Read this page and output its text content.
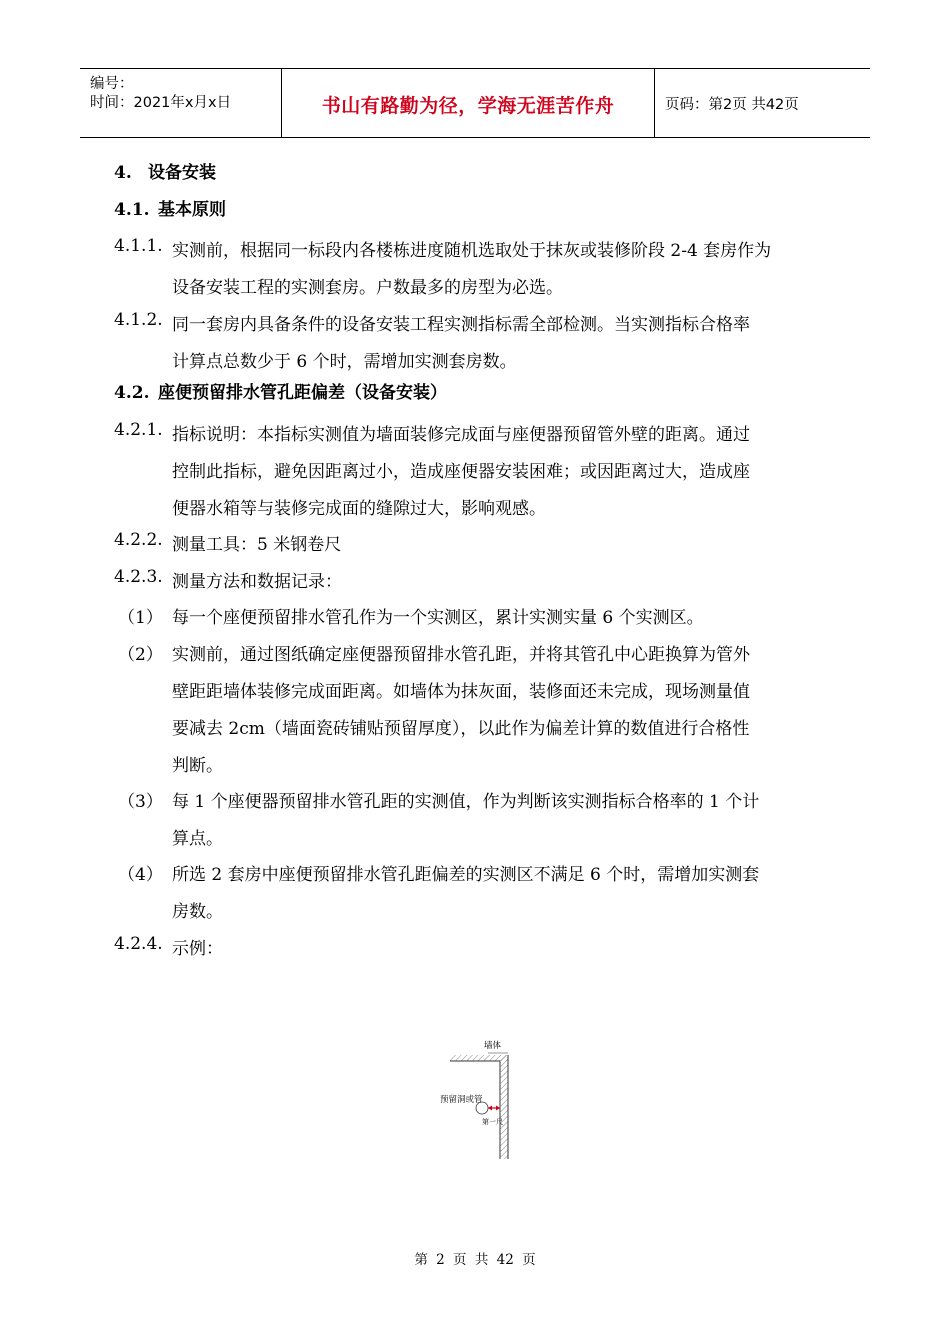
编号：
时间：2021年x月x日	书山有路勤为径，学海无涯苦作舟	页码：第2页 共42页
4. 设备安装
4.1. 基本原则
4.1.1. 实测前，根据同一标段内各楼栋进度随机选取处于抹灰或装修阶段 2-4 套房作为
设备安装工程的实测套房。户数最多的房型为必选。
4.1.2. 同一套房内具备条件的设备安装工程实测指标需全部检测。当实测指标合格率
计算点总数少于 6 个时，需增加实测套房数。
4.2. 座便预留排水管孔距偏差（设备安装）
4.2.1. 指标说明：本指标实测值为墙面装修完成面与座便器预留管外壁的距离。通过
控制此指标，避免因距离过小，造成座便器安装困难；或因距离过大，造成座
便器水箱等与装修完成面的缝隙过大，影响观感。
4.2.2. 测量工具：5 米钢卷尺
4.2.3. 测量方法和数据记录：
（1） 每一个座便预留排水管孔作为一个实测区，累计实测实量 6 个实测区。
（2） 实测前，通过图纸确定座便器预留排水管孔距，并将其管孔中心距换算为管外
壁距距墙体装修完成面距离。如墙体为抹灰面，装修面还未完成，现场测量值
要减去 2cm（墙面瓷砖铺贴预留厚度），以此作为偏差计算的数值进行合格性
判断。
（3） 每 1 个座便器预留排水管孔距的实测值，作为判断该实测指标合格率的 1 个计
算点。
（4） 所选 2 套房中座便预留排水管孔距偏差的实测区不满足 6 个时，需增加实测套
房数。
4.2.4. 示例：
墙体
预留洞或管
第一尺
第 2 页 共 42 页
